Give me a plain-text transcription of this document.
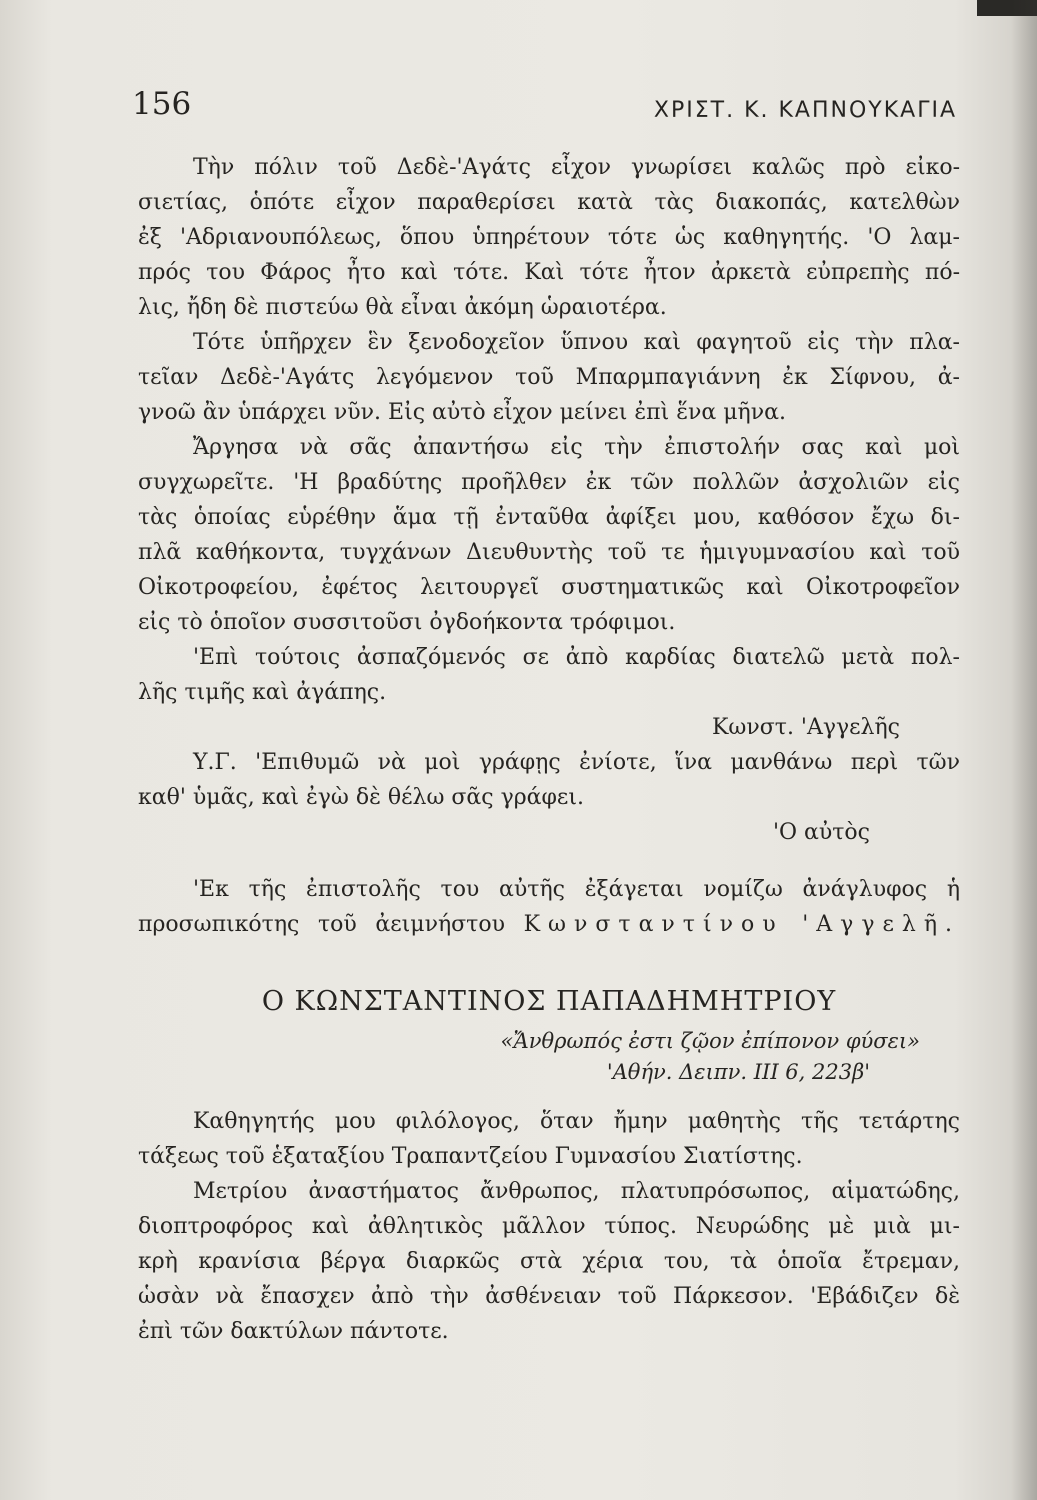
156	ΧΡΙΣΤ. Κ. ΚΑΠΝΟΥΚΑΓΙΑ
Τὴν πόλιν τοῦ Δεδὲ-'Αγάτς εἶχον γνωρίσει καλῶς πρὸ εἰκο-
σιετίας, ὁπότε εἶχον παραθερίσει κατὰ τὰς διακοπάς, κατελθὼν
ἐξ 'Αδριανουπόλεως, ὅπου ὑπηρέτουν τότε ὡς καθηγητής. 'Ο λαμ-
πρός του Φάρος ἦτο καὶ τότε. Καὶ τότε ἦτον ἀρκετὰ εὐπρεπὴς πό-
λις, ἤδη δὲ πιστεύω θὰ εἶναι ἀκόμη ὡραιοτέρα.
Τότε ὑπῆρχεν ἓν ξενοδοχεῖον ὕπνου καὶ φαγητοῦ εἰς τὴν πλα-
τεῖαν Δεδὲ-'Αγάτς λεγόμενον τοῦ Μπαρμπαγιάννη ἐκ Σίφνου, ἀ-
γνοῶ ἂν ὑπάρχει νῦν. Εἰς αὐτὸ εἶχον μείνει ἐπὶ ἕνα μῆνα.
Ἄργησα νὰ σᾶς ἀπαντήσω εἰς τὴν ἐπιστολήν σας καὶ μοὶ
συγχωρεῖτε. 'Η βραδύτης προῆλθεν ἐκ τῶν πολλῶν ἀσχολιῶν εἰς
τὰς ὁποίας εὑρέθην ἅμα τῇ ἐνταῦθα ἀφίξει μου, καθόσον ἔχω δι-
πλᾶ καθήκοντα, τυγχάνων Διευθυντὴς τοῦ τε ἡμιγυμνασίου καὶ τοῦ
Οἰκοτροφείου, ἐφέτος λειτουργεῖ συστηματικῶς καὶ Οἰκοτροφεῖον
εἰς τὸ ὁποῖον συσσιτοῦσι ὀγδοήκοντα τρόφιμοι.
'Επὶ τούτοις ἀσπαζόμενός σε ἀπὸ καρδίας διατελῶ μετὰ πολ-
λῆς τιμῆς καὶ ἀγάπης.
Κωνστ. 'Αγγελῆς
Υ.Γ. 'Επιθυμῶ νὰ μοὶ γράφῃς ἐνίοτε, ἵνα μανθάνω περὶ τῶν
καθ' ὑμᾶς, καὶ ἐγὼ δὲ θέλω σᾶς γράφει.
'Ο αὐτὸς
'Εκ τῆς ἐπιστολῆς του αὐτῆς ἐξάγεται νομίζω ἀνάγλυφος ἡ
προσωπικότης τοῦ ἀειμνήστου Κωνσταντίνου 'Αγγελῆ.
Ο ΚΩΝΣΤΑΝΤΙΝΟΣ ΠΑΠΑΔΗΜΗΤΡΙΟΥ
«Ἄνθρωπός ἐστι ζῷον ἐπίπονον φύσει»
'Αθήν. Δειπν. ΙΙΙ 6, 223β'
Καθηγητής μου φιλόλογος, ὅταν ἤμην μαθητὴς τῆς τετάρτης
τάξεως τοῦ ἑξαταξίου Τραπαντζείου Γυμνασίου Σιατίστης.
Μετρίου ἀναστήματος ἄνθρωπος, πλατυπρόσωπος, αἱματώδης,
διοπτροφόρος καὶ ἀθλητικὸς μᾶλλον τύπος. Νευρώδης μὲ μιὰ μι-
κρὴ κρανίσια βέργα διαρκῶς στὰ χέρια του, τὰ ὁποῖα ἔτρεμαν,
ὡσὰν νὰ ἔπασχεν ἀπὸ τὴν ἀσθένειαν τοῦ Πάρκεσον. 'Εβάδιζεν δὲ
ἐπὶ τῶν δακτύλων πάντοτε.
